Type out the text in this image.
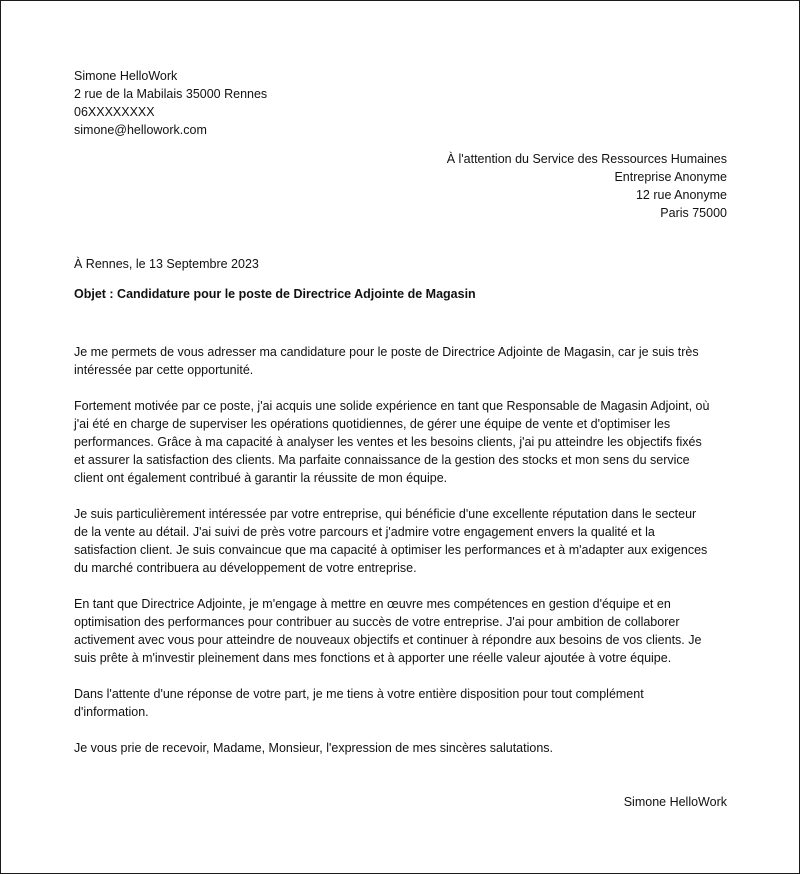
Simone HelloWork
2 rue de la Mabilais 35000 Rennes
06XXXXXXXX
simone@hellowork.com
À l'attention du Service des Ressources Humaines
Entreprise Anonyme
12 rue Anonyme
Paris 75000
À Rennes, le 13 Septembre 2023
Objet : Candidature pour le poste de Directrice Adjointe de Magasin

Je me permets de vous adresser ma candidature pour le poste de Directrice Adjointe de Magasin, car je suis très
intéressée par cette opportunité.

Fortement motivée par ce poste, j'ai acquis une solide expérience en tant que Responsable de Magasin Adjoint, où
j'ai été en charge de superviser les opérations quotidiennes, de gérer une équipe de vente et d'optimiser les
performances. Grâce à ma capacité à analyser les ventes et les besoins clients, j'ai pu atteindre les objectifs fixés
et assurer la satisfaction des clients. Ma parfaite connaissance de la gestion des stocks et mon sens du service
client ont également contribué à garantir la réussite de mon équipe.

Je suis particulièrement intéressée par votre entreprise, qui bénéficie d'une excellente réputation dans le secteur
de la vente au détail. J'ai suivi de près votre parcours et j'admire votre engagement envers la qualité et la
satisfaction client. Je suis convaincue que ma capacité à optimiser les performances et à m'adapter aux exigences
du marché contribuera au développement de votre entreprise.

En tant que Directrice Adjointe, je m'engage à mettre en œuvre mes compétences en gestion d'équipe et en
optimisation des performances pour contribuer au succès de votre entreprise. J'ai pour ambition de collaborer
activement avec vous pour atteindre de nouveaux objectifs et continuer à répondre aux besoins de vos clients. Je
suis prête à m'investir pleinement dans mes fonctions et à apporter une réelle valeur ajoutée à votre équipe.

Dans l'attente d'une réponse de votre part, je me tiens à votre entière disposition pour tout complément
d'information.

Je vous prie de recevoir, Madame, Monsieur, l'expression de mes sincères salutations.

Simone HelloWork
